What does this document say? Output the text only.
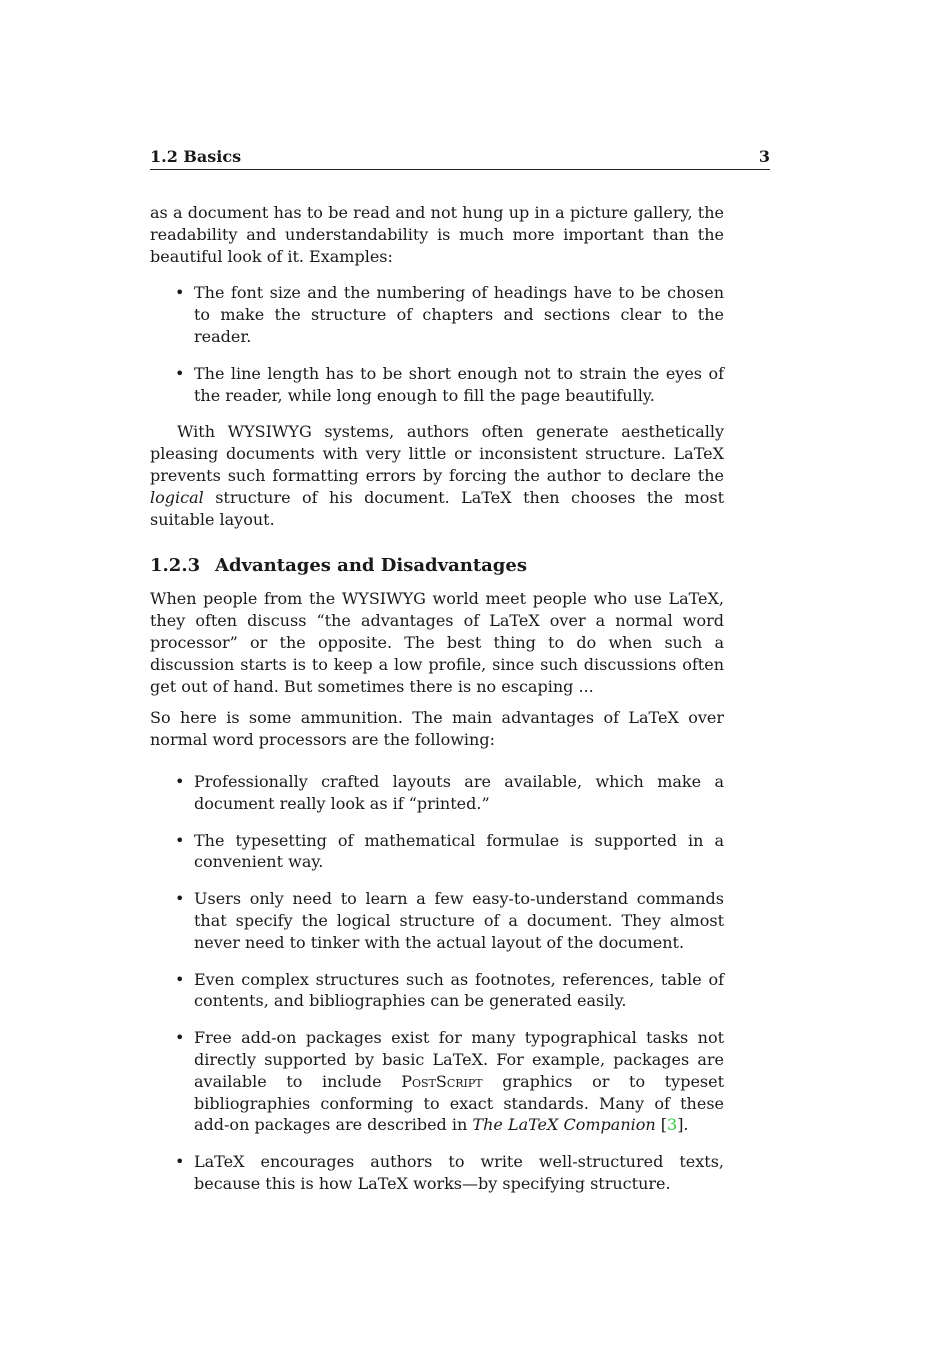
1.2 Basics	3

as a document has to be read and not hung up in a picture gallery, the readability and understandability is much more important than the beautiful look of it. Examples:

• The font size and the numbering of headings have to be chosen to make the structure of chapters and sections clear to the reader.
• The line length has to be short enough not to strain the eyes of the reader, while long enough to fill the page beautifully.

With WYSIWYG systems, authors often generate aesthetically pleasing documents with very little or inconsistent structure. LaTeX prevents such formatting errors by forcing the author to declare the logical structure of his document. LaTeX then chooses the most suitable layout.

1.2.3 Advantages and Disadvantages

When people from the WYSIWYG world meet people who use LaTeX, they often discuss “the advantages of LaTeX over a normal word processor” or the opposite. The best thing to do when such a discussion starts is to keep a low profile, since such discussions often get out of hand. But sometimes there is no escaping ...

So here is some ammunition. The main advantages of LaTeX over normal word processors are the following:

• Professionally crafted layouts are available, which make a document really look as if “printed.”
• The typesetting of mathematical formulae is supported in a convenient way.
• Users only need to learn a few easy-to-understand commands that specify the logical structure of a document. They almost never need to tinker with the actual layout of the document.
• Even complex structures such as footnotes, references, table of contents, and bibliographies can be generated easily.
• Free add-on packages exist for many typographical tasks not directly supported by basic LaTeX. For example, packages are available to include PostScript graphics or to typeset bibliographies conforming to exact standards. Many of these add-on packages are described in The LaTeX Companion [3].
• LaTeX encourages authors to write well-structured texts, because this is how LaTeX works—by specifying structure.
